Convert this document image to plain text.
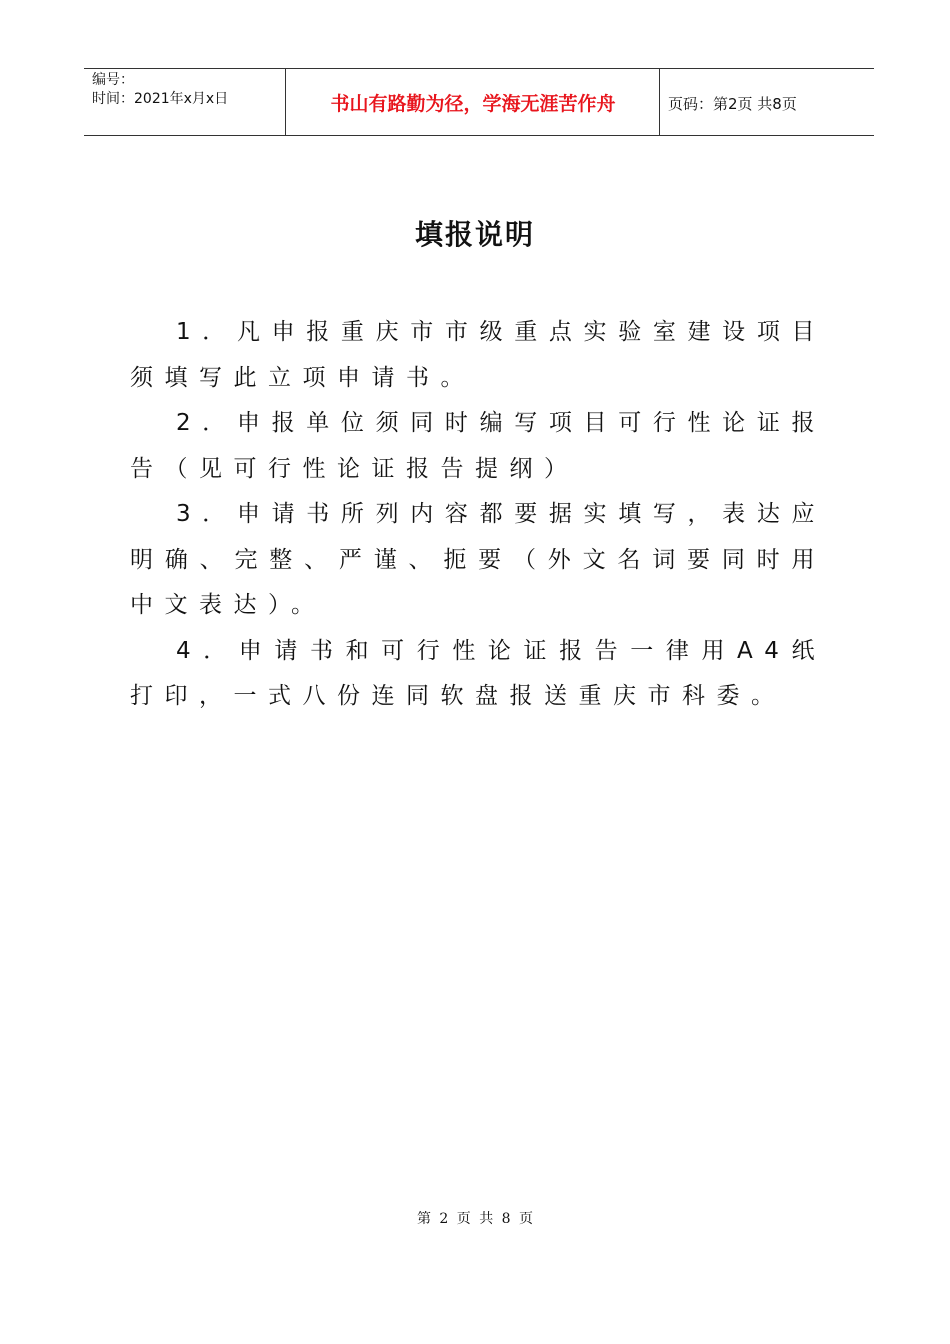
编号：
时间：2021年x月x日	书山有路勤为径，学海无涯苦作舟	页码：第2页 共8页
填报说明

1．凡申报重庆市市级重点实验室建设项目须填写此立项申请书。

2．申报单位须同时编写项目可行性论证报告（见可行性论证报告提纲）

3．申请书所列内容都要据实填写，表达应明确、完整、严谨、扼要（外文名词要同时用中文表达）。

4．申请书和可行性论证报告一律用A4纸打印，一式八份连同软盘报送重庆市科委。

第 2 页 共 8 页
